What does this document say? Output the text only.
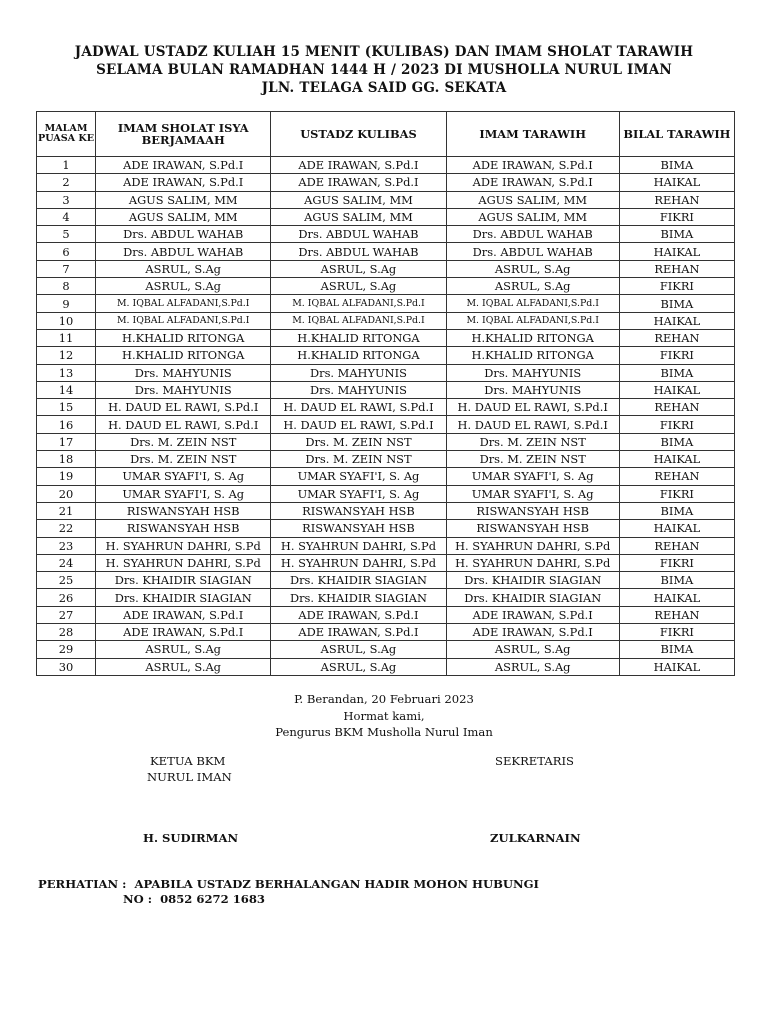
JADWAL USTADZ KULIAH 15 MENIT (KULIBAS) DAN IMAM SHOLAT TARAWIH
SELAMA BULAN RAMADHAN 1444 H / 2023 DI MUSHOLLA NURUL IMAN
JLN. TELAGA SAID GG. SEKATA
MALAM PUASA KE	IMAM SHOLAT ISYA BERJAMAAH	USTADZ KULIBAS	IMAM TARAWIH	BILAL TARAWIH
1	ADE IRAWAN, S.Pd.I	ADE IRAWAN, S.Pd.I	ADE IRAWAN, S.Pd.I	BIMA
2	ADE IRAWAN, S.Pd.I	ADE IRAWAN, S.Pd.I	ADE IRAWAN, S.Pd.I	HAIKAL
3	AGUS SALIM, MM	AGUS SALIM, MM	AGUS SALIM, MM	REHAN
4	AGUS SALIM, MM	AGUS SALIM, MM	AGUS SALIM, MM	FIKRI
5	Drs. ABDUL WAHAB	Drs. ABDUL WAHAB	Drs. ABDUL WAHAB	BIMA
6	Drs. ABDUL WAHAB	Drs. ABDUL WAHAB	Drs. ABDUL WAHAB	HAIKAL
7	ASRUL, S.Ag	ASRUL, S.Ag	ASRUL, S.Ag	REHAN
8	ASRUL, S.Ag	ASRUL, S.Ag	ASRUL, S.Ag	FIKRI
9	M. IQBAL ALFADANI,S.Pd.I	M. IQBAL ALFADANI,S.Pd.I	M. IQBAL ALFADANI,S.Pd.I	BIMA
10	M. IQBAL ALFADANI,S.Pd.I	M. IQBAL ALFADANI,S.Pd.I	M. IQBAL ALFADANI,S.Pd.I	HAIKAL
11	H.KHALID RITONGA	H.KHALID RITONGA	H.KHALID RITONGA	REHAN
12	H.KHALID RITONGA	H.KHALID RITONGA	H.KHALID RITONGA	FIKRI
13	Drs. MAHYUNIS	Drs. MAHYUNIS	Drs. MAHYUNIS	BIMA
14	Drs. MAHYUNIS	Drs. MAHYUNIS	Drs. MAHYUNIS	HAIKAL
15	H. DAUD EL RAWI, S.Pd.I	H. DAUD EL RAWI, S.Pd.I	H. DAUD EL RAWI, S.Pd.I	REHAN
16	H. DAUD EL RAWI, S.Pd.I	H. DAUD EL RAWI, S.Pd.I	H. DAUD EL RAWI, S.Pd.I	FIKRI
17	Drs. M. ZEIN NST	Drs. M. ZEIN NST	Drs. M. ZEIN NST	BIMA
18	Drs. M. ZEIN NST	Drs. M. ZEIN NST	Drs. M. ZEIN NST	HAIKAL
19	UMAR SYAFI'I, S. Ag	UMAR SYAFI'I, S. Ag	UMAR SYAFI'I, S. Ag	REHAN
20	UMAR SYAFI'I, S. Ag	UMAR SYAFI'I, S. Ag	UMAR SYAFI'I, S. Ag	FIKRI
21	RISWANSYAH HSB	RISWANSYAH HSB	RISWANSYAH HSB	BIMA
22	RISWANSYAH HSB	RISWANSYAH HSB	RISWANSYAH HSB	HAIKAL
23	H. SYAHRUN DAHRI, S.Pd	H. SYAHRUN DAHRI, S.Pd	H. SYAHRUN DAHRI, S.Pd	REHAN
24	H. SYAHRUN DAHRI, S.Pd	H. SYAHRUN DAHRI, S.Pd	H. SYAHRUN DAHRI, S.Pd	FIKRI
25	Drs. KHAIDIR SIAGIAN	Drs. KHAIDIR SIAGIAN	Drs. KHAIDIR SIAGIAN	BIMA
26	Drs. KHAIDIR SIAGIAN	Drs. KHAIDIR SIAGIAN	Drs. KHAIDIR SIAGIAN	HAIKAL
27	ADE IRAWAN, S.Pd.I	ADE IRAWAN, S.Pd.I	ADE IRAWAN, S.Pd.I	REHAN
28	ADE IRAWAN, S.Pd.I	ADE IRAWAN, S.Pd.I	ADE IRAWAN, S.Pd.I	FIKRI
29	ASRUL, S.Ag	ASRUL, S.Ag	ASRUL, S.Ag	BIMA
30	ASRUL, S.Ag	ASRUL, S.Ag	ASRUL, S.Ag	HAIKAL
P. Berandan, 20 Februari 2023
Hormat kami,
Pengurus BKM Musholla Nurul Iman
KETUA BKM
NURUL IMAN
SEKRETARIS
H. SUDIRMAN	ZULKARNAIN
PERHATIAN :  APABILA USTADZ BERHALANGAN HADIR MOHON HUBUNGI
NO :  0852 6272 1683
